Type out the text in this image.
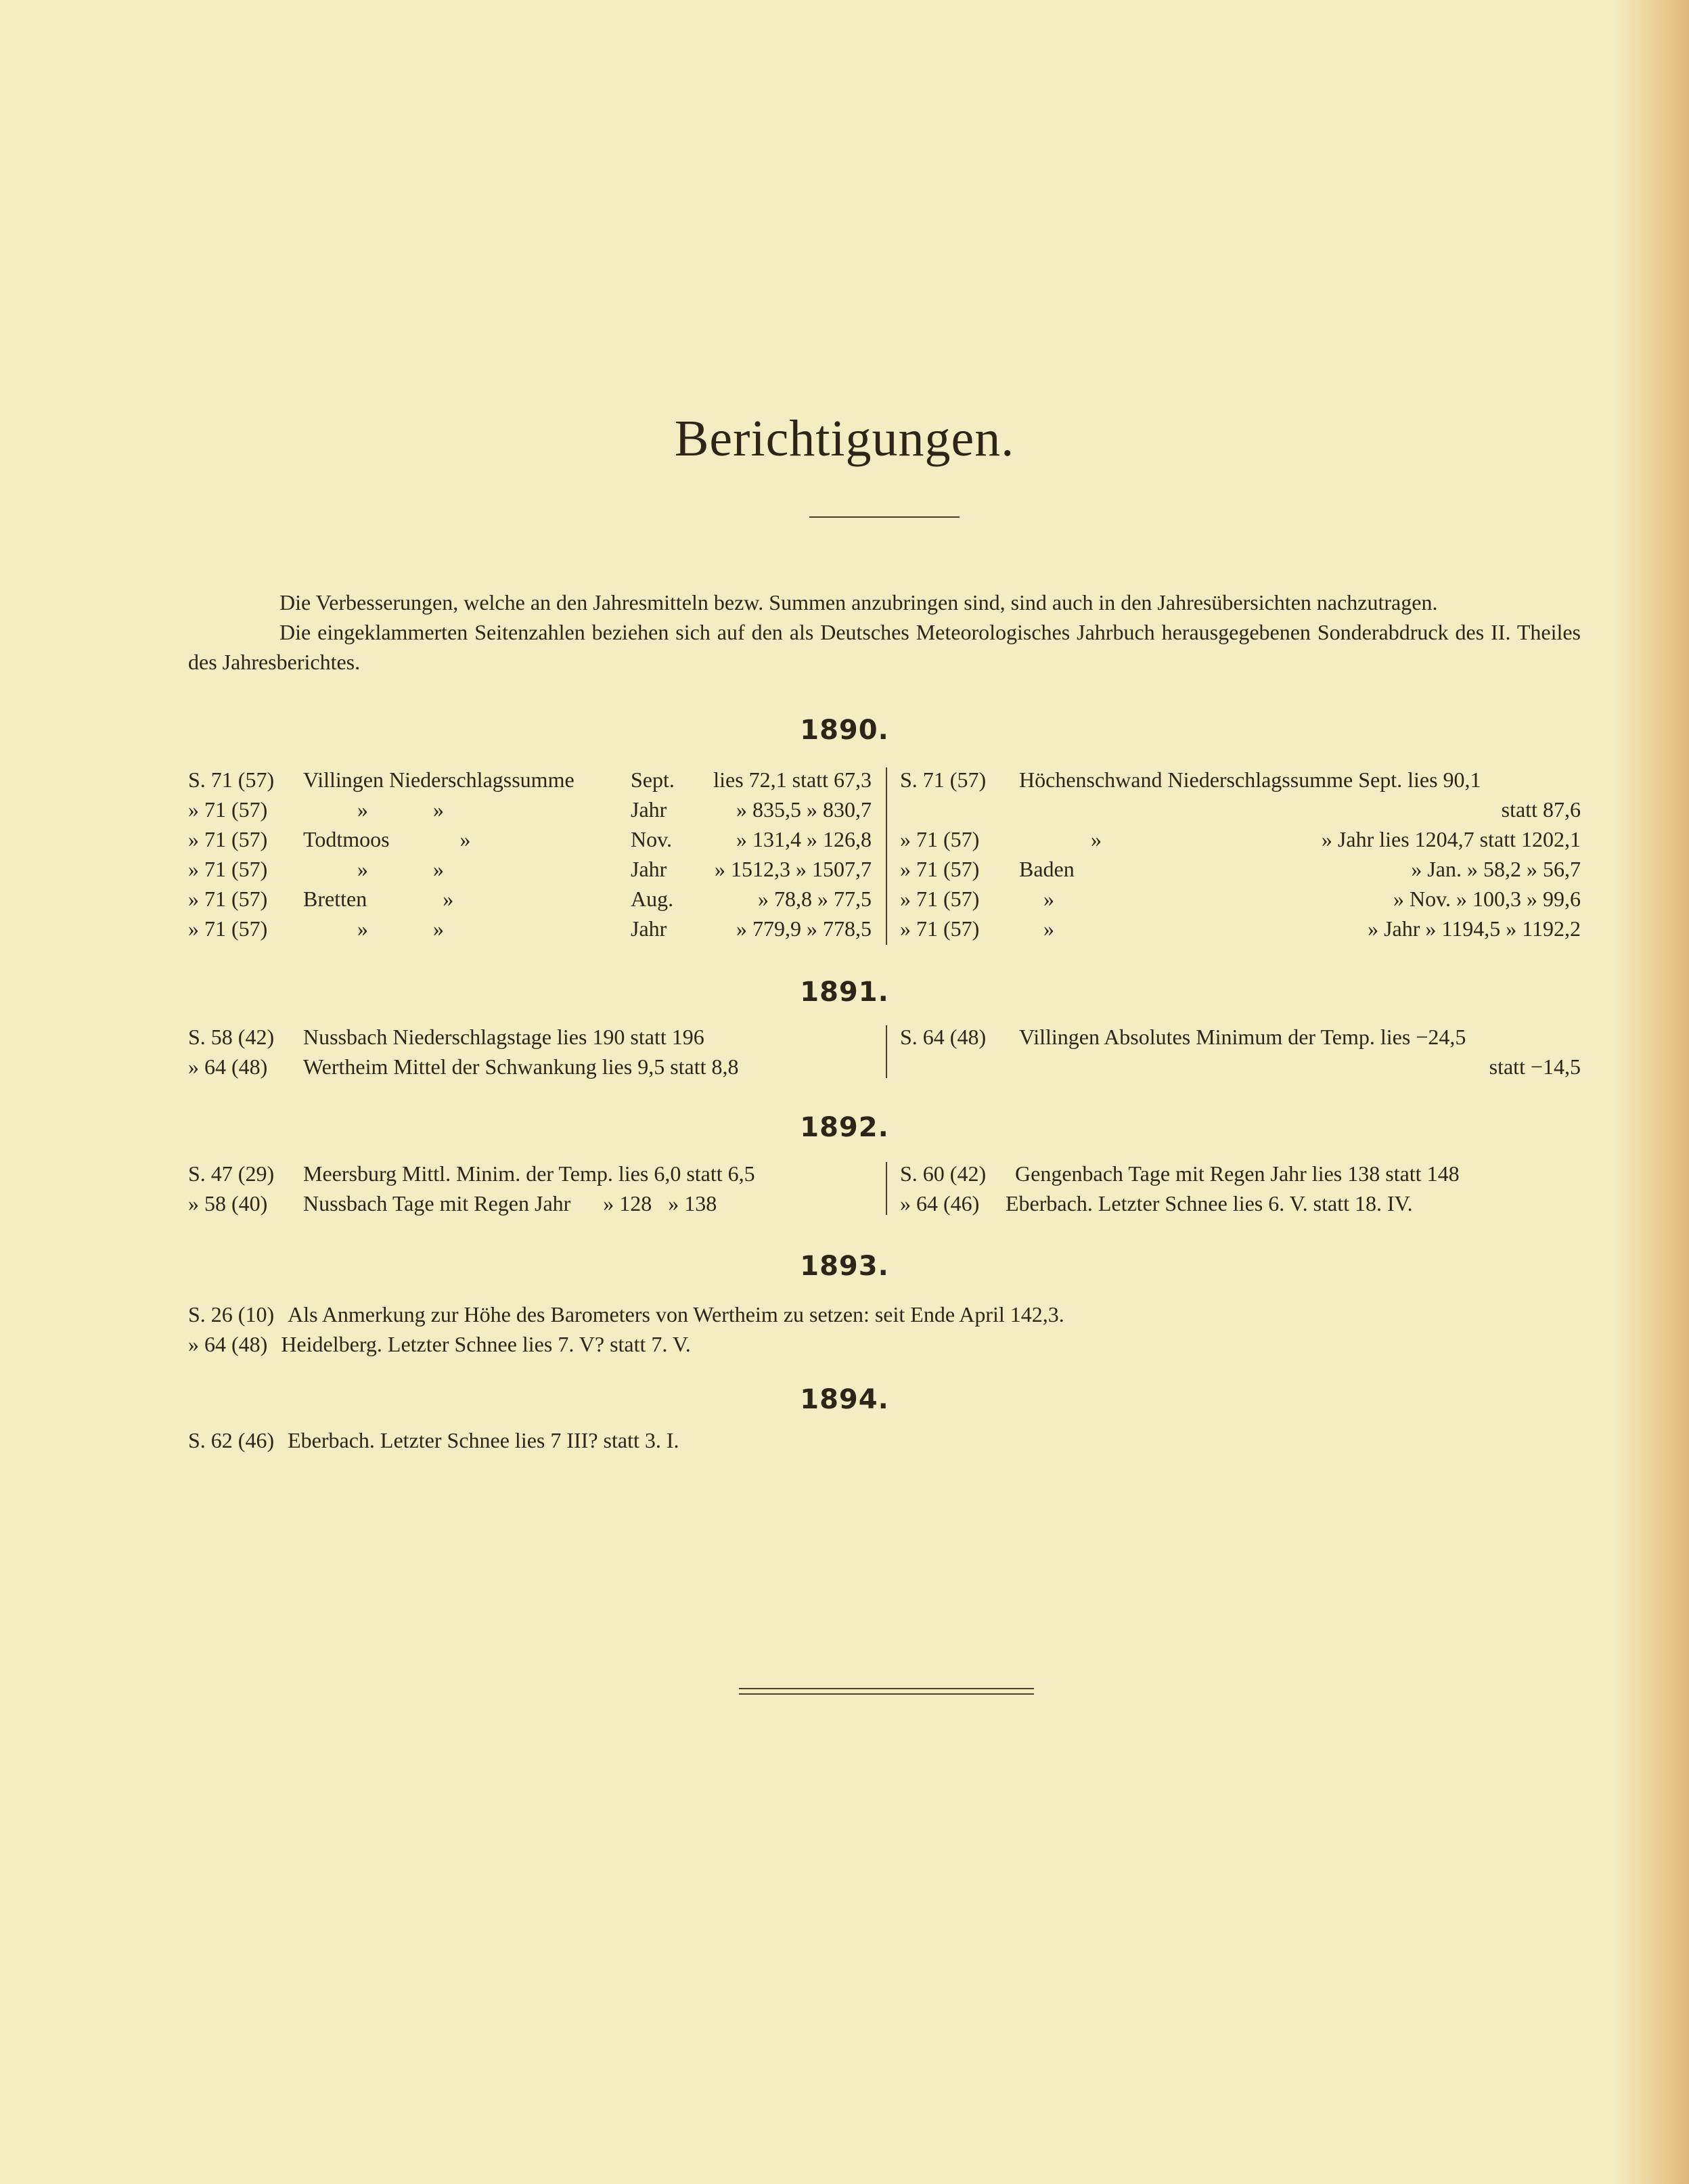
Berichtigungen.

Die Verbesserungen, welche an den Jahresmitteln bezw. Summen anzubringen sind, sind auch in den Jahresübersichten nachzutragen.

Die eingeklammerten Seitenzahlen beziehen sich auf den als Deutsches Meteorologisches Jahrbuch herausgegebenen Sonderabdruck des II. Theiles des Jahresberichtes.

1890.
S. 71 (57) Villingen Niederschlagssumme	Sept. lies 72,1 statt 67,3
» 71 (57)	»            »	Jahr	» 835,5 » 830,7
» 71 (57) Todtmoos             »	Nov.	» 131,4 » 126,8
» 71 (57)	»            »	Jahr » 1512,3 » 1507,7
» 71 (57) Bretten              »	Aug.	» 78,8 » 77,5
» 71 (57)	»            »	Jahr	» 779,9 » 778,5
S. 71 (57) Höchenschwand Niederschlagssumme Sept. lies 90,1
statt 87,6
» 71 (57)	»	» Jahr lies 1204,7 statt 1202,1
» 71 (57) Baden	» Jan. » 58,2 » 56,7
» 71 (57)	»	» Nov. » 100,3 » 99,6
» 71 (57)	»	» Jahr » 1194,5 » 1192,2
1891.
S. 58 (42) Nussbach Niederschlagstage lies 190 statt 196
» 64 (48) Wertheim Mittel der Schwankung lies 9,5 statt 8,8
S. 64 (48) Villingen Absolutes Minimum der Temp. lies −24,5
statt −14,5
1892.
S. 47 (29) Meersburg Mittl. Minim. der Temp. lies 6,0 statt 6,5
» 58 (40) Nussbach Tage mit Regen Jahr      » 128   » 138
S. 60 (42) Gengenbach Tage mit Regen Jahr lies 138 statt 148
» 64 (46) Eberbach. Letzter Schnee lies 6. V. statt 18. IV.
1893.
S. 26 (10) Als Anmerkung zur Höhe des Barometers von Wertheim zu setzen: seit Ende April 142,3.
» 64 (48) Heidelberg. Letzter Schnee lies 7. V? statt 7. V.
1894.
S. 62 (46) Eberbach. Letzter Schnee lies 7 III? statt 3. I.
